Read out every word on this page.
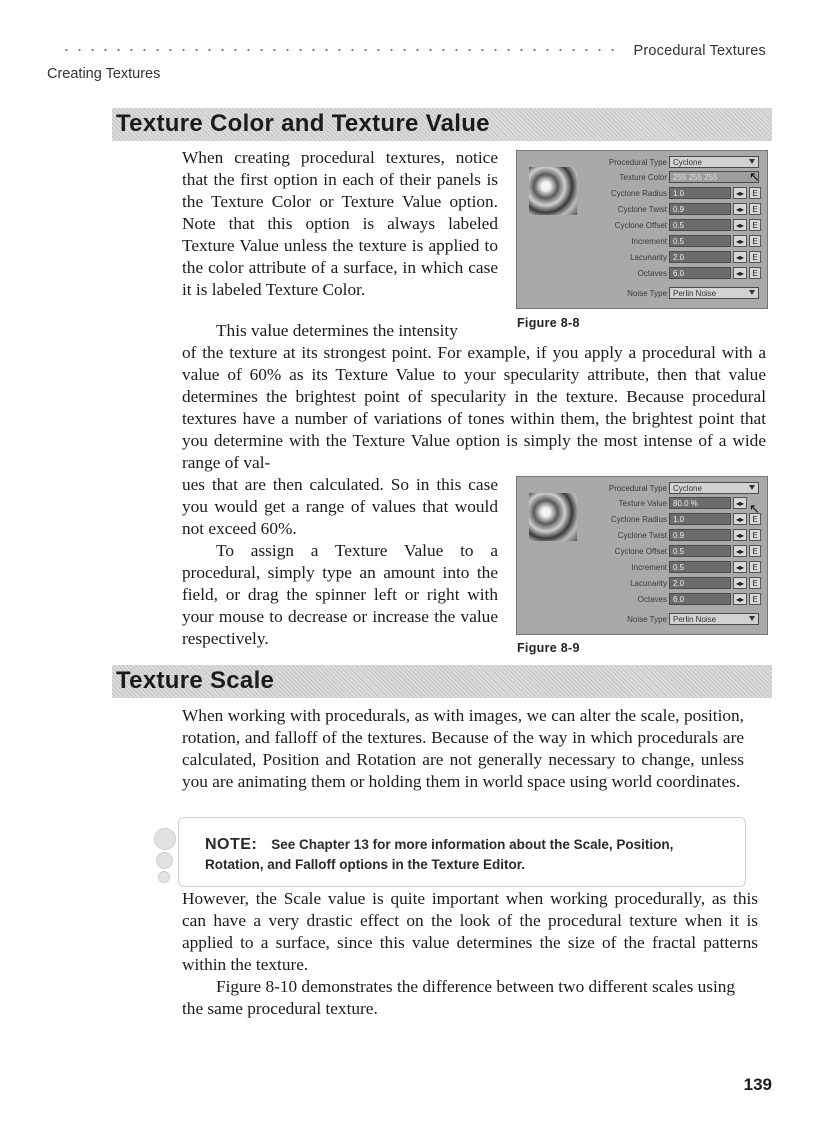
Procedural Textures
Creating Textures
Texture Color and Texture Value

When creating procedural textures, notice that the first option in each of their panels is the Texture Color or Texture Value option. Note that this option is always labeled Texture Value unless the texture is applied to the color attribute of a surface, in which case it is labeled Texture Color.

This value determines the intensity

of the texture at its strongest point. For example, if you apply a procedural with a value of 60% as its Texture Value to your specularity attribute, then that value determines the brightest point of specularity in the texture. Because procedural textures have a number of variations of tones within them, the brightest point that you determine with the Texture Value option is simply the most intense of a wide range of val-

ues that are then calculated. So in this case you would get a range of values that would not exceed 60%.

To assign a Texture Value to a procedural, simply type an amount into the field, or drag the spinner left or right with your mouse to decrease or increase the value respectively.

Procedural Type Cyclone
Texture Color 255 255 255
Cyclone Radius 1.0	◂▸	E
Cyclone Twist 0.9	◂▸	E
Cyclone Offset 0.5	◂▸	E
Increment 0.5	◂▸	E
Lacunarity 2.0	◂▸	E
Octaves 6.0	◂▸	E
Noise Type Perlin Noise
↖
Figure 8-8
Procedural Type Cyclone
Texture Value 80.0 %	◂▸
Cyclone Radius 1.0	◂▸	E
Cyclone Twist 0.9	◂▸	E
Cyclone Offset 0.5	◂▸	E
Increment 0.5	◂▸	E
Lacunarity 2.0	◂▸	E
Octaves 6.0	◂▸	E
Noise Type Perlin Noise
↖
Figure 8-9
Texture Scale

When working with procedurals, as with images, we can alter the scale, position, rotation, and falloff of the textures. Because of the way in which procedurals are calculated, Position and Rotation are not generally necessary to change, unless you are animating them or holding them in world space using world coordinates.

NOTE: See Chapter 13 for more information about the Scale, Position, Rotation, and Falloff options in the Texture Editor.

However, the Scale value is quite important when working procedurally, as this can have a very drastic effect on the look of the procedural texture when it is applied to a surface, since this value determines the size of the fractal patterns within the texture.

Figure 8-10 demonstrates the difference between two different scales using the same procedural texture.

139
